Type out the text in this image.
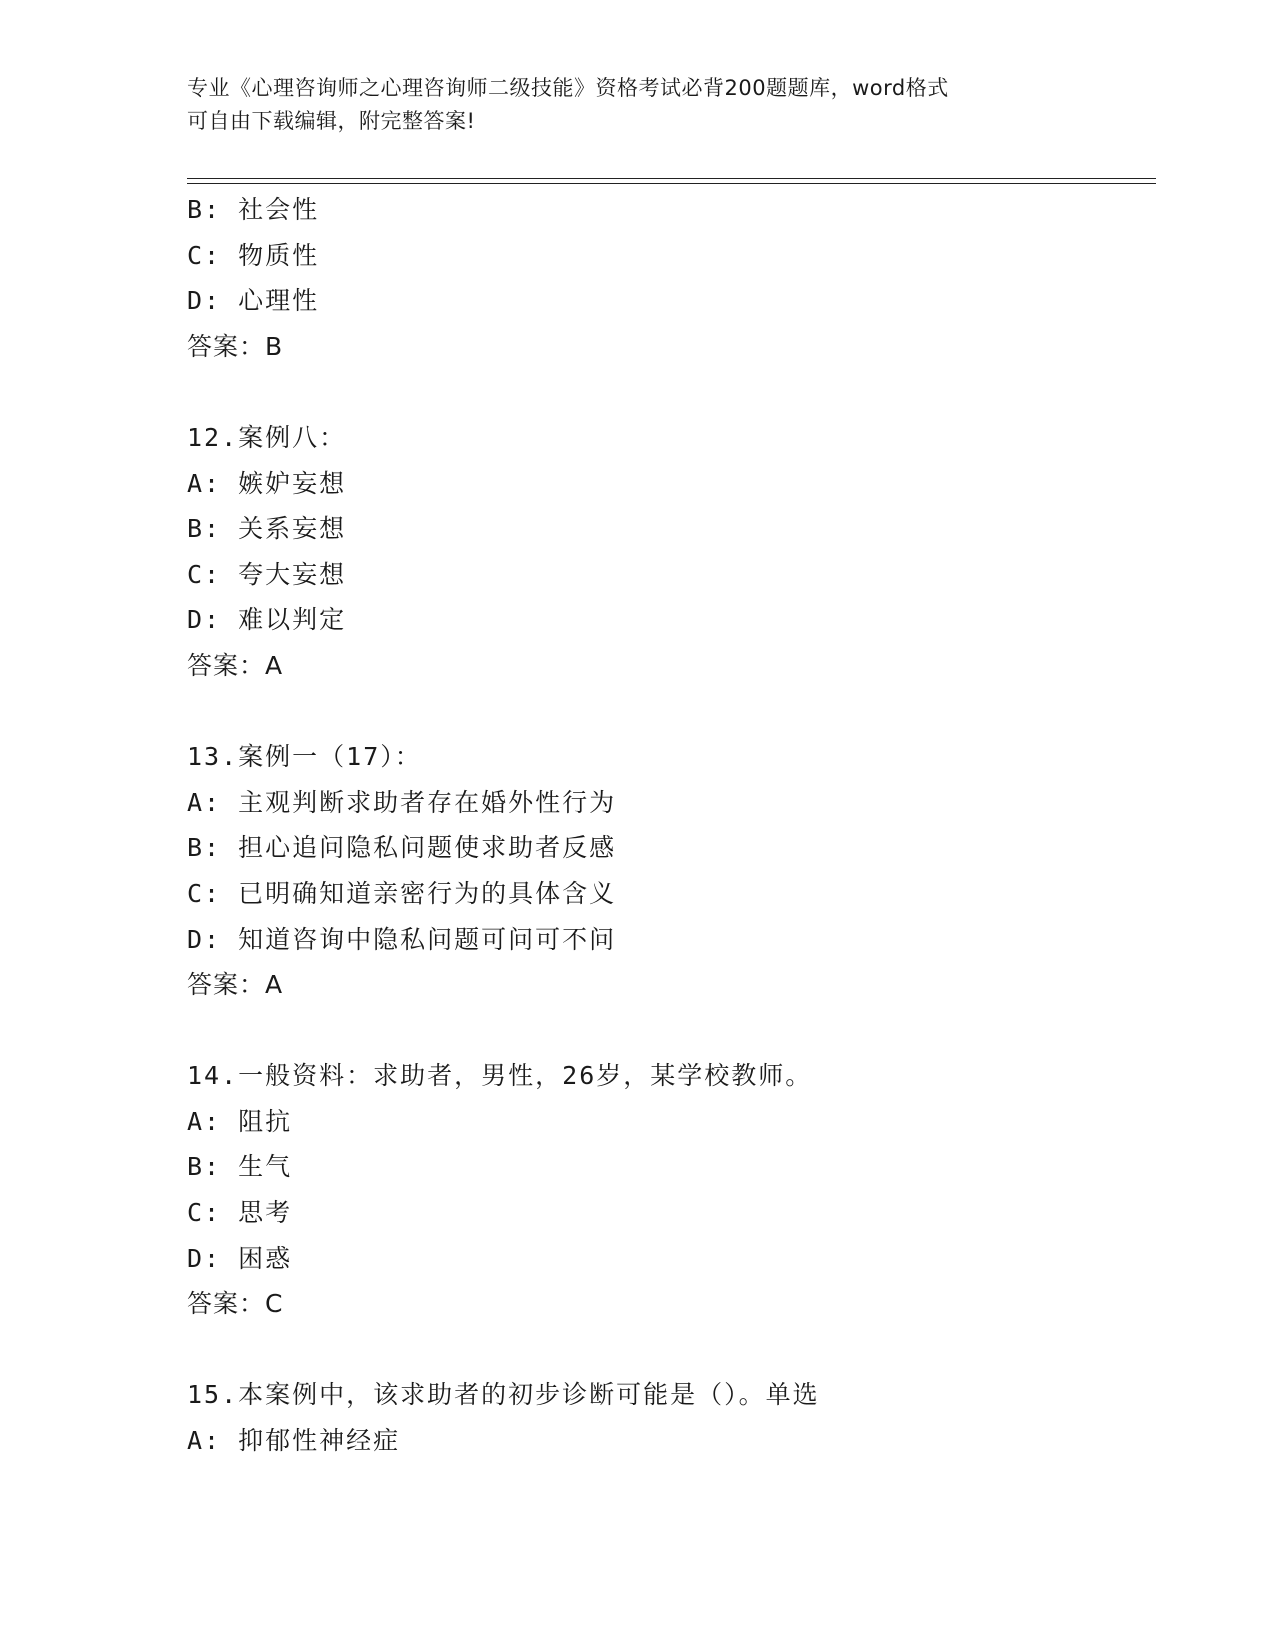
专业《心理咨询师之心理咨询师二级技能》资格考试必背200题题库，word格式
可自由下载编辑，附完整答案!
B: 社会性
C: 物质性
D: 心理性
答案：B
12.案例八：
A: 嫉妒妄想
B: 关系妄想
C: 夸大妄想
D: 难以判定
答案：A
13.案例一（17）：
A: 主观判断求助者存在婚外性行为
B: 担心追问隐私问题使求助者反感
C: 已明确知道亲密行为的具体含义
D: 知道咨询中隐私问题可问可不问
答案：A
14.一般资料：求助者，男性，26岁，某学校教师。
A: 阻抗
B: 生气
C: 思考
D: 困惑
答案：C
15.本案例中，该求助者的初步诊断可能是（）。单选
A: 抑郁性神经症
